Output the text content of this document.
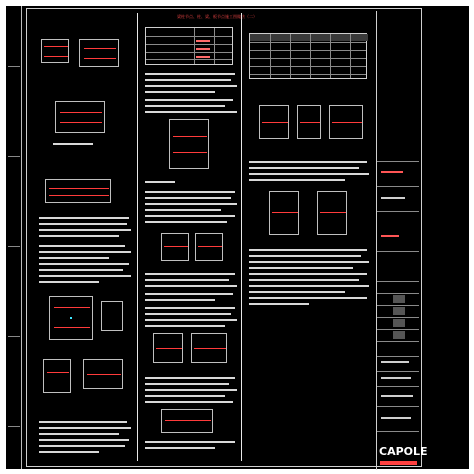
梁柱节点、柱、梁、板节点施工图做法（二）
CAPOLE
